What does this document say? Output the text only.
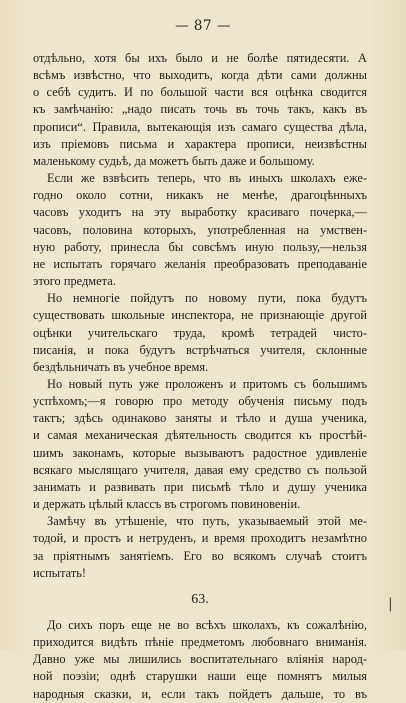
— 87 —
отдѣльно, хотя бы ихъ было и не болѣе пятидесяти. А
всѣмъ извѣстно, что выходитъ, когда дѣти сами должны
о себѣ судитъ. И по большой части вся оцѣнка сводится
къ замѣчанію: „надо писать точь въ точь такъ, какъ въ
прописи“. Правила, вытекающія изъ самаго существа дѣла,
изъ пріемовъ письма и характера прописи, неизвѣстны
маленькому судьѣ, да можетъ быть даже и большому.
Если же взвѣсить теперь, что въ иныхъ школахъ еже-
годно около сотни, никакъ не менѣе, драгоцѣнныхъ
часовъ уходитъ на эту выработку красиваго почерка,—
часовъ, половина которыхъ, употребленная на умствен-
ную работу, принесла бы совсѣмъ иную пользу,—нельзя
не испытать горячаго желанія преобразовать преподаваніе
этого предмета.
Но немногіе пойдутъ по новому пути, пока будутъ
существовать школьные инспектора, не признающіе другой
оцѣнки учительскаго труда, кромѣ тетрадей чисто-
писанія, и пока будутъ встрѣчаться учителя, склонные
бездѣльничать въ учебное время.
Но новый путь уже проложенъ и притомъ съ большимъ
успѣхомъ;—я говорю про методу обученія письму подъ
тактъ; здѣсь одинаково заняты и тѣло и душа ученика,
и самая механическая дѣятельность сводится къ простѣй-
шимъ законамъ, которые вызываютъ радостное удивленіе
всякаго мыслящаго учителя, давая ему средство съ пользой
занимать и развивать при письмѣ тѣло и душу ученика
и держать цѣлый классъ въ строгомъ повиновеніи.
Замѣчу въ утѣшеніе, что путь, указываемый этой ме-
тодой, и простъ и нетруденъ, и время проходитъ незамѣтно
за пріятнымъ занятіемъ. Его во всякомъ случаѣ стоитъ
испытать!
63.
До сихъ поръ еще не во всѣхъ школахъ, къ сожалѣнію,
приходится видѣть пѣніе предметомъ любовнаго вниманія.
Давно уже мы лишились воспитательнаго вліянія народ-
ной поэзіи; однѣ старушки наши еще помнятъ милыя
народныя сказки, и, если такъ пойдетъ дальше, то въ
|
